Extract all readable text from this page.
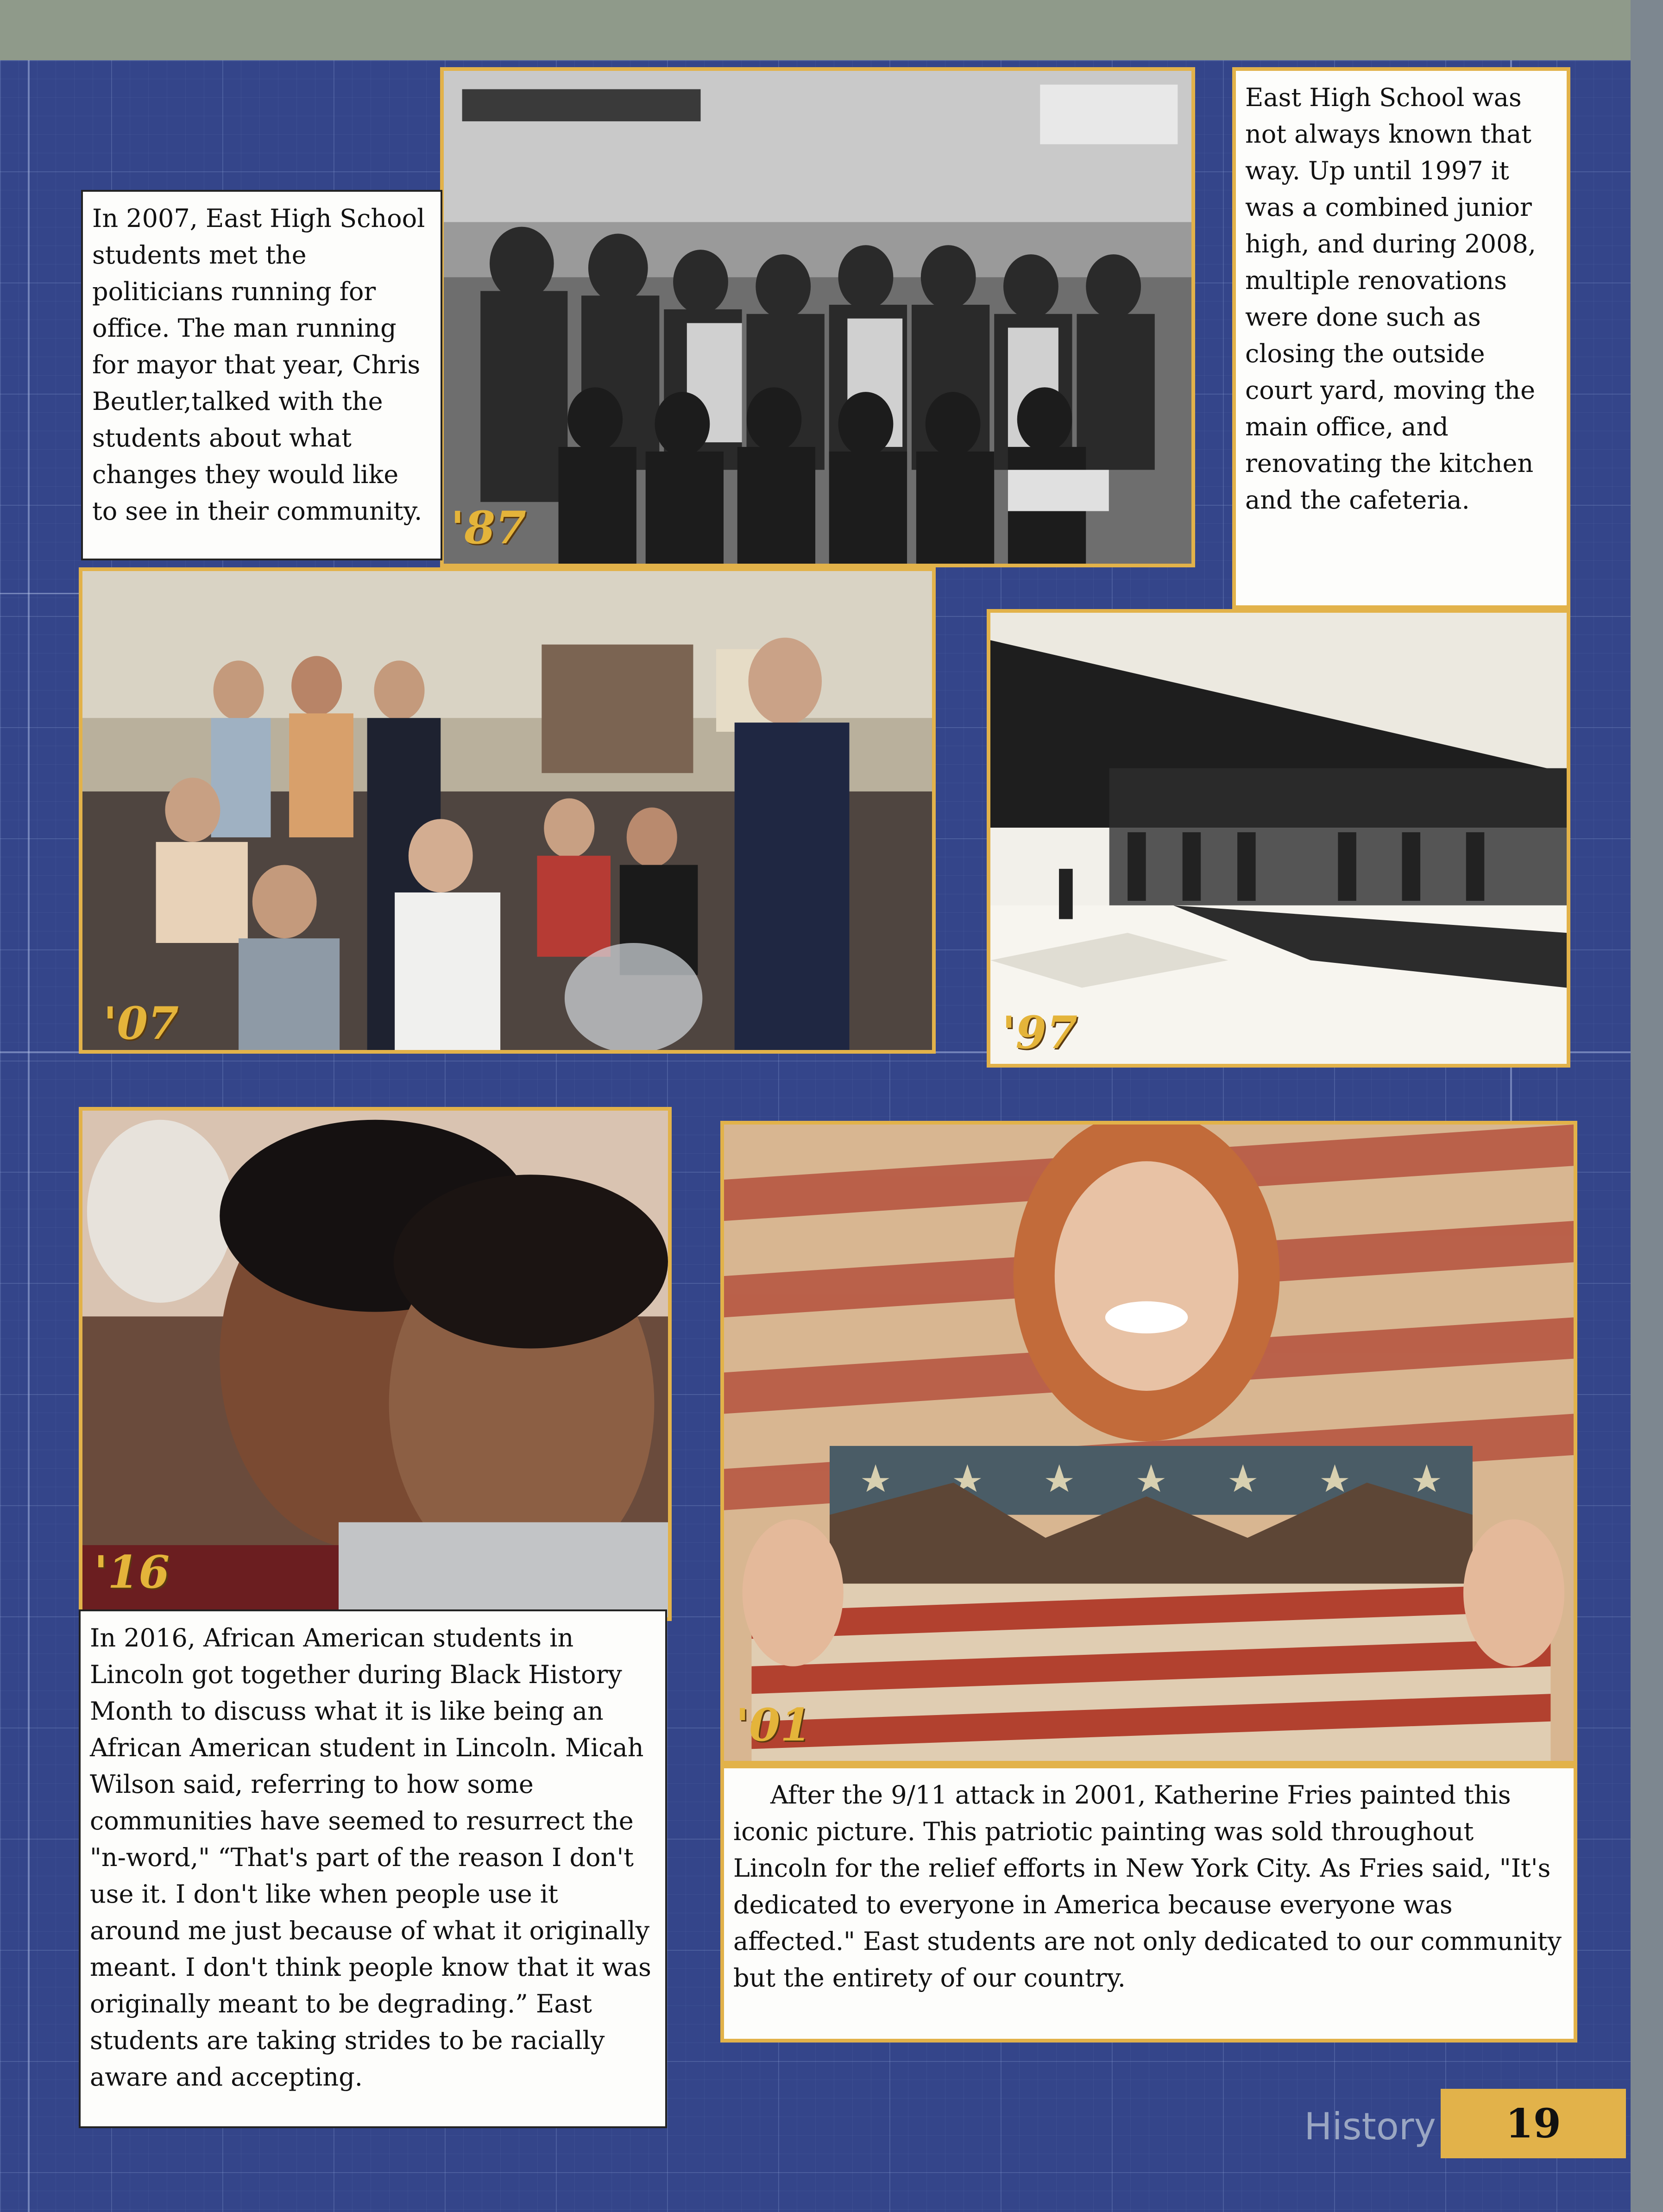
'87
In 2007, East High School students met the politicians running for office. The man running for mayor that year, Chris Beutler,talked with the students about what changes they would like to see in their community.
East High School was not always known that way. Up until 1997 it was a combined junior high, and during 2008, multiple renovations were done such as closing the outside court yard, moving the main office, and renovating the kitchen and the cafeteria.
'07	'97
'16
In 2016, African American students in Lincoln got together during Black History Month to discuss what it is like being an African American student in Lincoln. Micah Wilson said, referring to how some communities have seemed to resurrect the "n-word," “That's part of the reason I don't use it. I don't like when people use it around me just because of what it originally meant. I don't think people know that it was originally meant to be degrading.” East students are taking strides to be racially aware and accepting.
'01
After the 9/11 attack in 2001, Katherine Fries painted this iconic picture. This patriotic painting was sold throughout Lincoln for the relief efforts in New York City. As Fries said, "It's dedicated to everyone in America because everyone was affected." East students are not only dedicated to our community but the entirety of our country.
History	19
